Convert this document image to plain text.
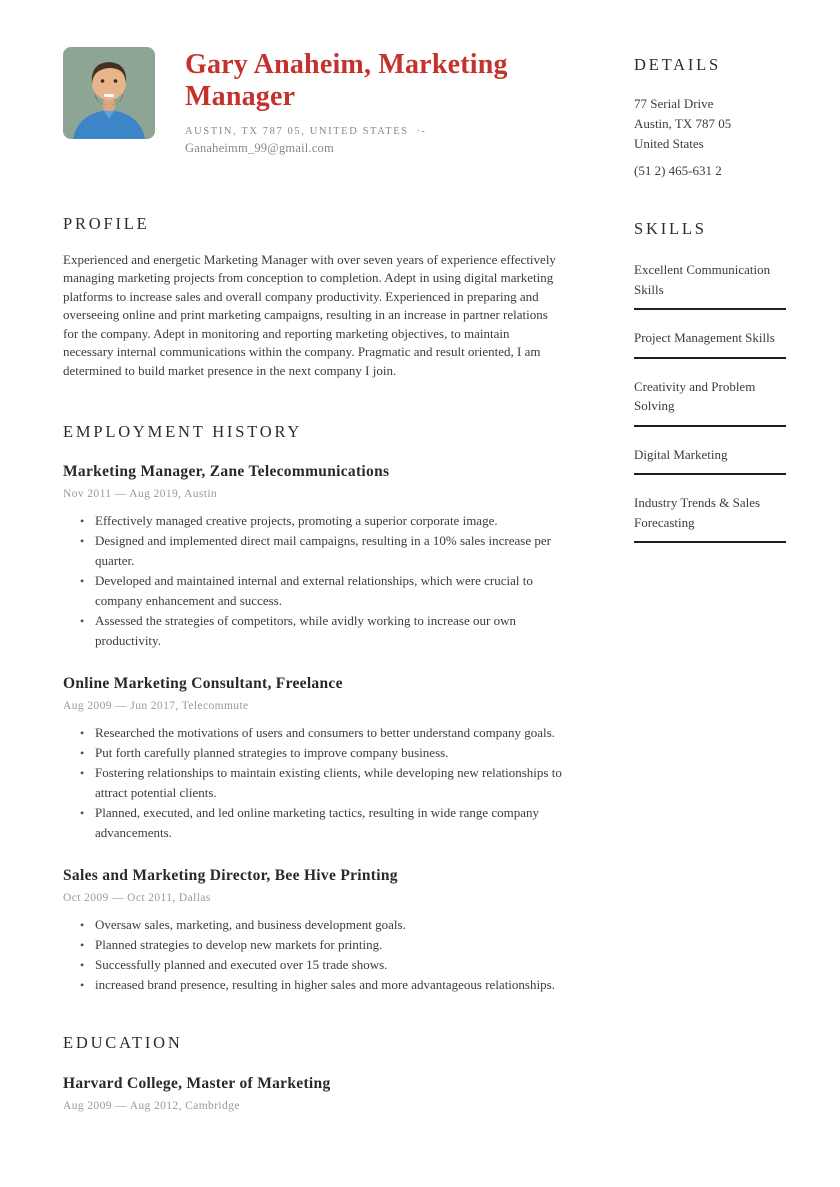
Gary Anaheim, Marketing Manager
AUSTIN, TX 787 05, UNITED STATES ·-
Ganaheimm_99@gmail.com
PROFILE
Experienced and energetic Marketing Manager with over seven years of experience effectively managing marketing projects from conception to completion. Adept in using digital marketing platforms to increase sales and overall company productivity. Experienced in preparing and overseeing online and print marketing campaigns, resulting in an increase in partner relations for the company. Adept in monitoring and reporting marketing objectives, to maintain necessary internal communications within the company. Pragmatic and result oriented, I am determined to build market presence in the next company I join.
EMPLOYMENT HISTORY
Marketing Manager, Zane Telecommunications
Nov 2011 — Aug 2019, Austin
• Effectively managed creative projects, promoting a superior corporate image.
• Designed and implemented direct mail campaigns, resulting in a 10% sales increase per quarter.
• Developed and maintained internal and external relationships, which were crucial to company enhancement and success.
• Assessed the strategies of competitors, while avidly working to increase our own productivity.
Online Marketing Consultant, Freelance
Aug 2009 — Jun 2017, Telecommute
• Researched the motivations of users and consumers to better understand company goals.
• Put forth carefully planned strategies to improve company business.
• Fostering relationships to maintain existing clients, while developing new relationships to attract potential clients.
• Planned, executed, and led online marketing tactics, resulting in wide range company advancements.
Sales and Marketing Director, Bee Hive Printing
Oct 2009 — Oct 2011, Dallas
• Oversaw sales, marketing, and business development goals.
• Planned strategies to develop new markets for printing.
• Successfully planned and executed over 15 trade shows.
• increased brand presence, resulting in higher sales and more advantageous relationships.
EDUCATION
Harvard College, Master of Marketing
Aug 2009 — Aug 2012, Cambridge
DETAILS
77 Serial Drive
Austin, TX 787 05
United States
(51 2) 465-631 2
SKILLS
Excellent Communication Skills
Project Management Skills
Creativity and Problem Solving
Digital Marketing
Industry Trends & Sales Forecasting
